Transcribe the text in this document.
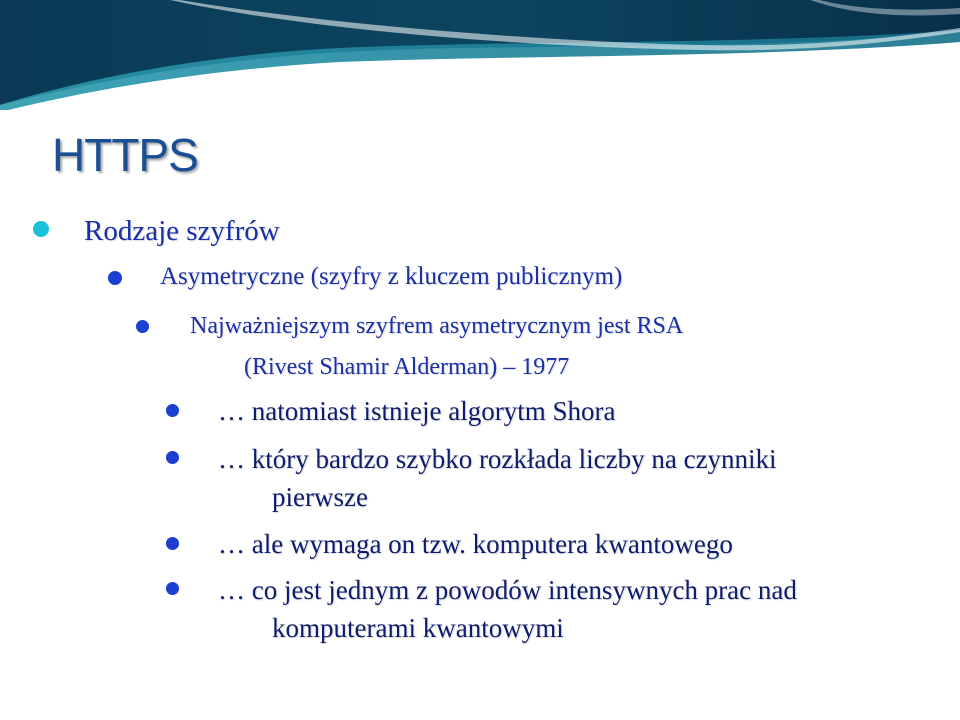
HTTPS
Rodzaje szyfrów
Asymetryczne (szyfry z kluczem publicznym)
Najważniejszym szyfrem asymetrycznym jest RSA
(Rivest Shamir Alderman) – 1977
… natomiast istnieje algorytm Shora
… który bardzo szybko rozkłada liczby na czynniki
pierwsze
… ale wymaga on tzw. komputera kwantowego
… co jest jednym z powodów intensywnych prac nad
komputerami kwantowymi
